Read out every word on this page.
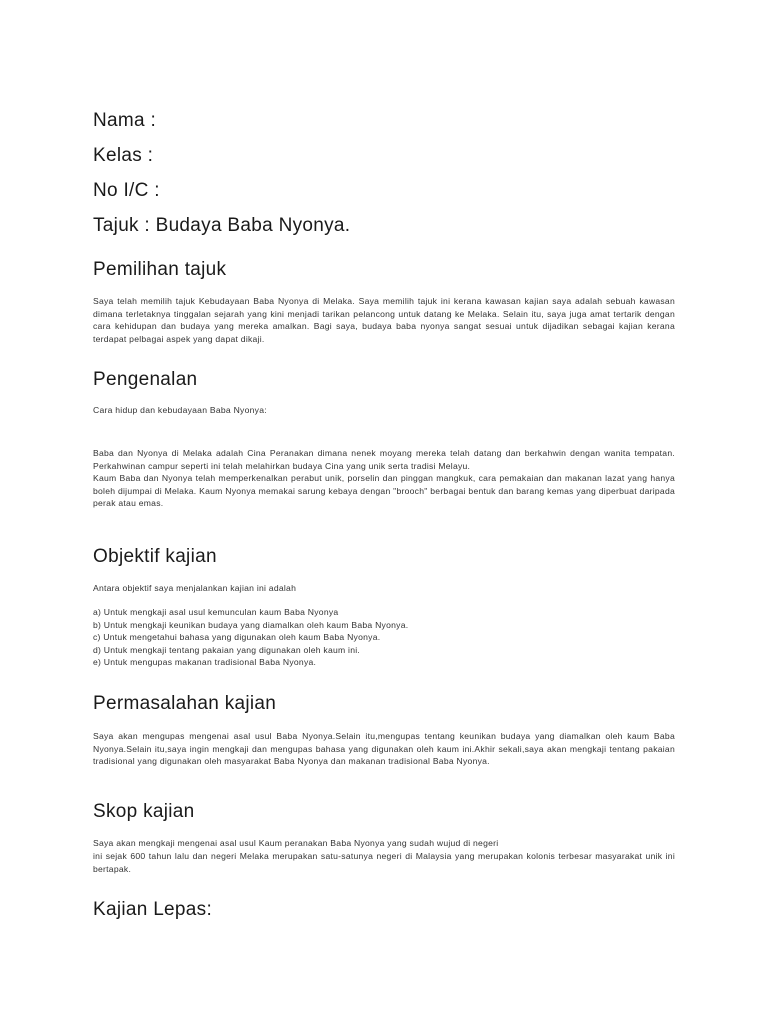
Nama :
Kelas :
No I/C :
Tajuk : Budaya Baba Nyonya.
Pemilihan tajuk
Saya telah memilih tajuk Kebudayaan Baba Nyonya di Melaka. Saya memilih tajuk ini kerana kawasan kajian saya adalah sebuah kawasan dimana terletaknya tinggalan sejarah yang kini menjadi tarikan pelancong untuk datang ke Melaka. Selain itu, saya juga amat tertarik dengan cara kehidupan dan budaya yang mereka amalkan. Bagi saya, budaya baba nyonya sangat sesuai untuk dijadikan sebagai kajian kerana terdapat pelbagai aspek yang dapat dikaji.
Pengenalan
Cara hidup dan kebudayaan Baba Nyonya:
Baba dan Nyonya di Melaka adalah Cina Peranakan dimana nenek moyang mereka telah datang dan berkahwin dengan wanita tempatan. Perkahwinan campur seperti ini telah melahirkan budaya Cina yang unik serta tradisi Melayu.
Kaum Baba dan Nyonya telah memperkenalkan perabut unik, porselin dan pinggan mangkuk, cara pemakaian dan makanan lazat yang hanya boleh dijumpai di Melaka. Kaum Nyonya memakai sarung kebaya dengan "brooch" berbagai bentuk dan barang kemas yang diperbuat daripada perak atau emas.
Objektif kajian
Antara objektif saya menjalankan kajian ini adalah
a) Untuk mengkaji asal usul kemunculan kaum Baba Nyonya
b) Untuk mengkaji keunikan budaya yang diamalkan oleh kaum Baba Nyonya.
c) Untuk mengetahui bahasa yang digunakan oleh kaum Baba Nyonya.
d) Untuk mengkaji tentang pakaian yang digunakan oleh kaum ini.
e) Untuk mengupas makanan tradisional Baba Nyonya.
Permasalahan kajian
Saya akan mengupas mengenai asal usul Baba Nyonya.Selain itu,mengupas tentang keunikan budaya yang diamalkan oleh kaum Baba Nyonya.Selain itu,saya ingin mengkaji dan mengupas bahasa yang digunakan oleh kaum ini.Akhir sekali,saya akan mengkaji tentang pakaian tradisional yang digunakan oleh masyarakat Baba Nyonya dan makanan tradisional Baba Nyonya.
Skop kajian
Saya akan mengkaji mengenai asal usul Kaum peranakan Baba Nyonya yang sudah wujud di negeri
ini sejak 600 tahun lalu dan negeri Melaka merupakan satu-satunya negeri di Malaysia yang merupakan kolonis terbesar masyarakat unik ini bertapak.
Kajian Lepas:
